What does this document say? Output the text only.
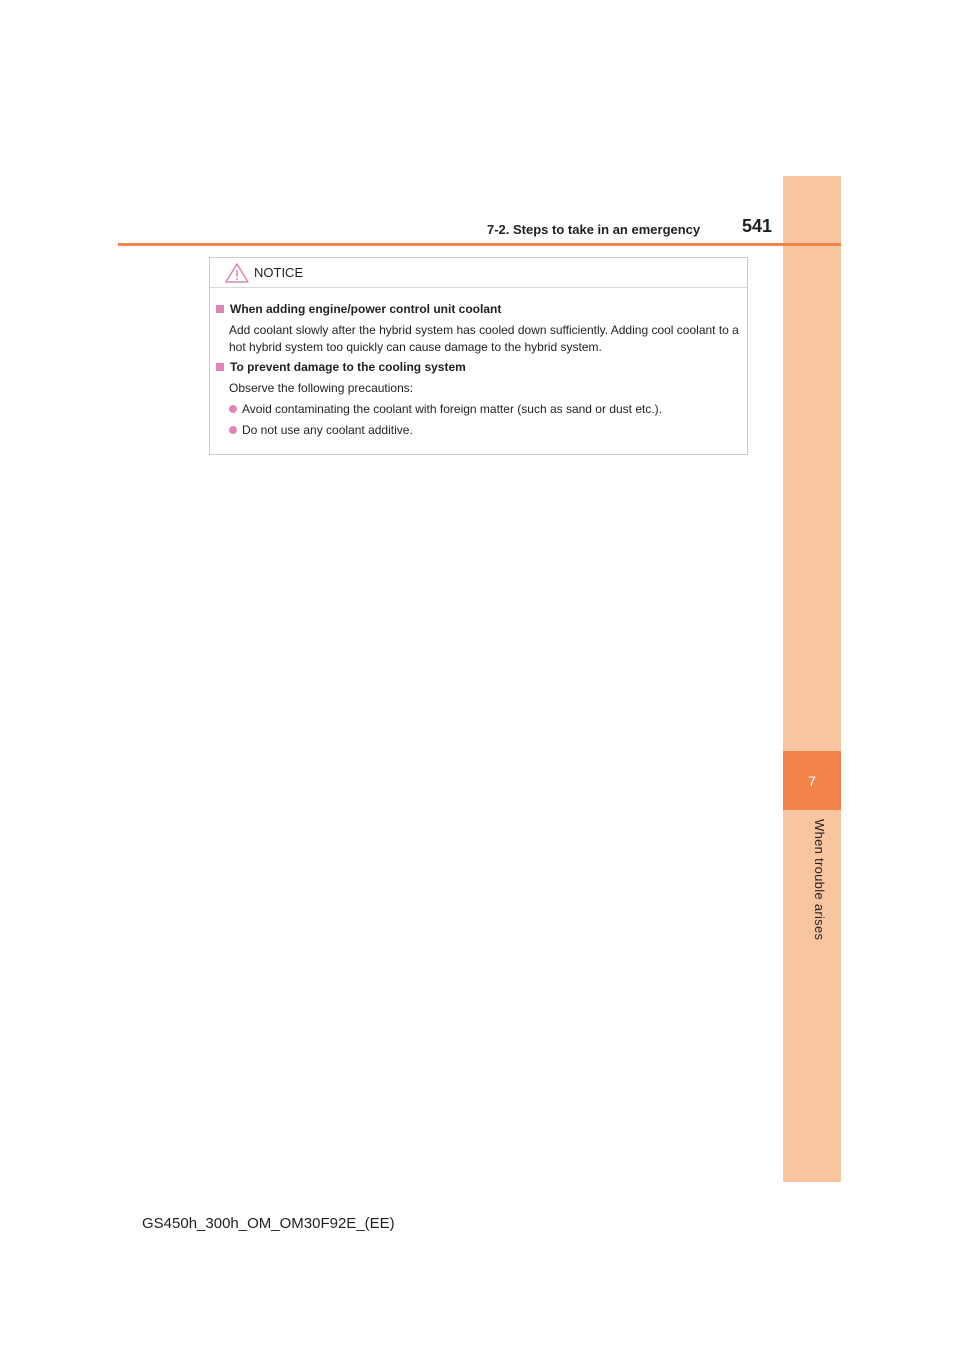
7
When trouble arises
7-2. Steps to take in an emergency 541
NOTICE
When adding engine/power control unit coolant
Add coolant slowly after the hybrid system has cooled down sufficiently. Adding cool coolant to a hot hybrid system too quickly can cause damage to the hybrid system.
To prevent damage to the cooling system
Observe the following precautions:
Avoid contaminating the coolant with foreign matter (such as sand or dust etc.).
Do not use any coolant additive.
GS450h_300h_OM_OM30F92E_(EE)
